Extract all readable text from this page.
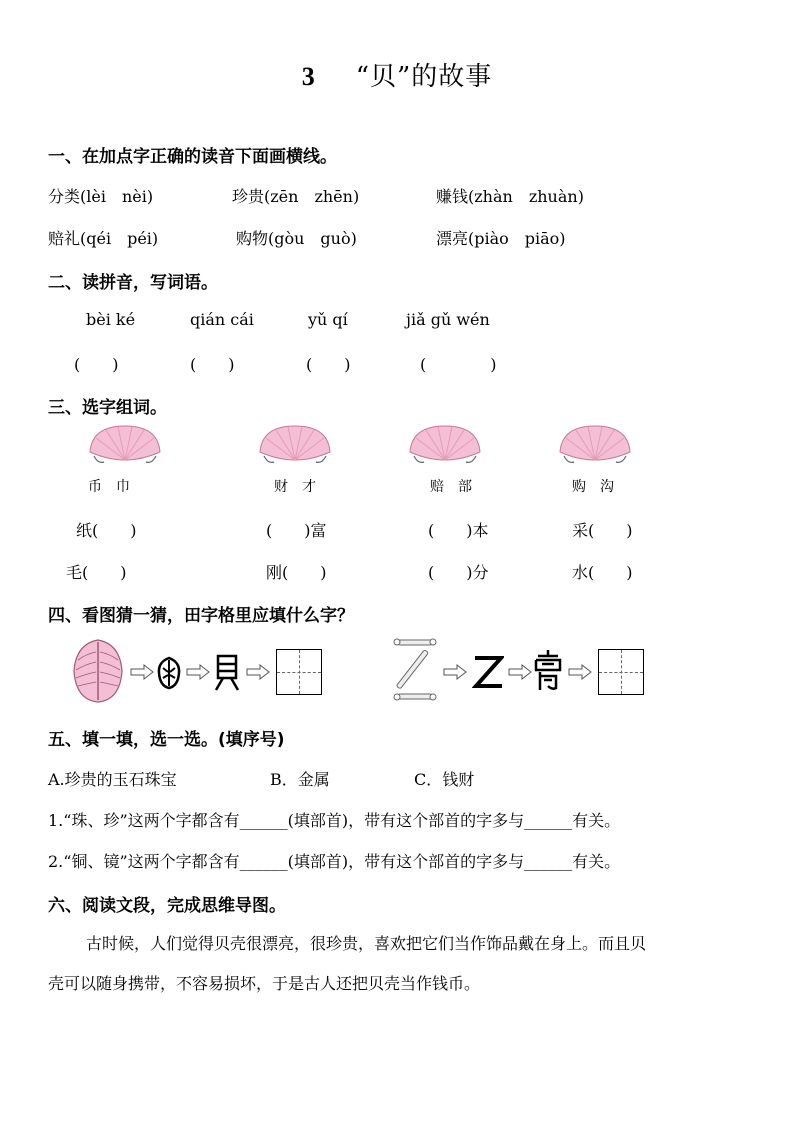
3 “贝”的故事
一、在加点字正确的读音下面画横线。
分类(lèi　nèi)	珍贵(zēn　zhēn)	赚钱(zhàn　zhuàn)
赔礼(qéi　péi)	购物(gòu　guò)	漂亮(piào　piāo)
二、读拼音，写词语。
bèi ké	qián cái	yǔ qí	jiǎ gǔ wén
(　　)	(　　)	(　　)	(　　　　)
三、选字组词。
币　巾	财　才	赔　部	购　沟
纸(　　)	(　　)富	(　　)本	采(　　)
毛(　　)	刚(　　)	(　　)分	水(　　)
四、看图猜一猜，田字格里应填什么字？
五、填一填，选一选。(填序号)
A.珍贵的玉石珠宝	B．金属	C．钱财
1.“珠、珍”这两个字都含有______(填部首)，带有这个部首的字多与______有关。
2.“铜、镜”这两个字都含有______(填部首)，带有这个部首的字多与______有关。
六、阅读文段，完成思维导图。
古时候，人们觉得贝壳很漂亮，很珍贵，喜欢把它们当作饰品戴在身上。而且贝
壳可以随身携带，不容易损坏，于是古人还把贝壳当作钱币。
